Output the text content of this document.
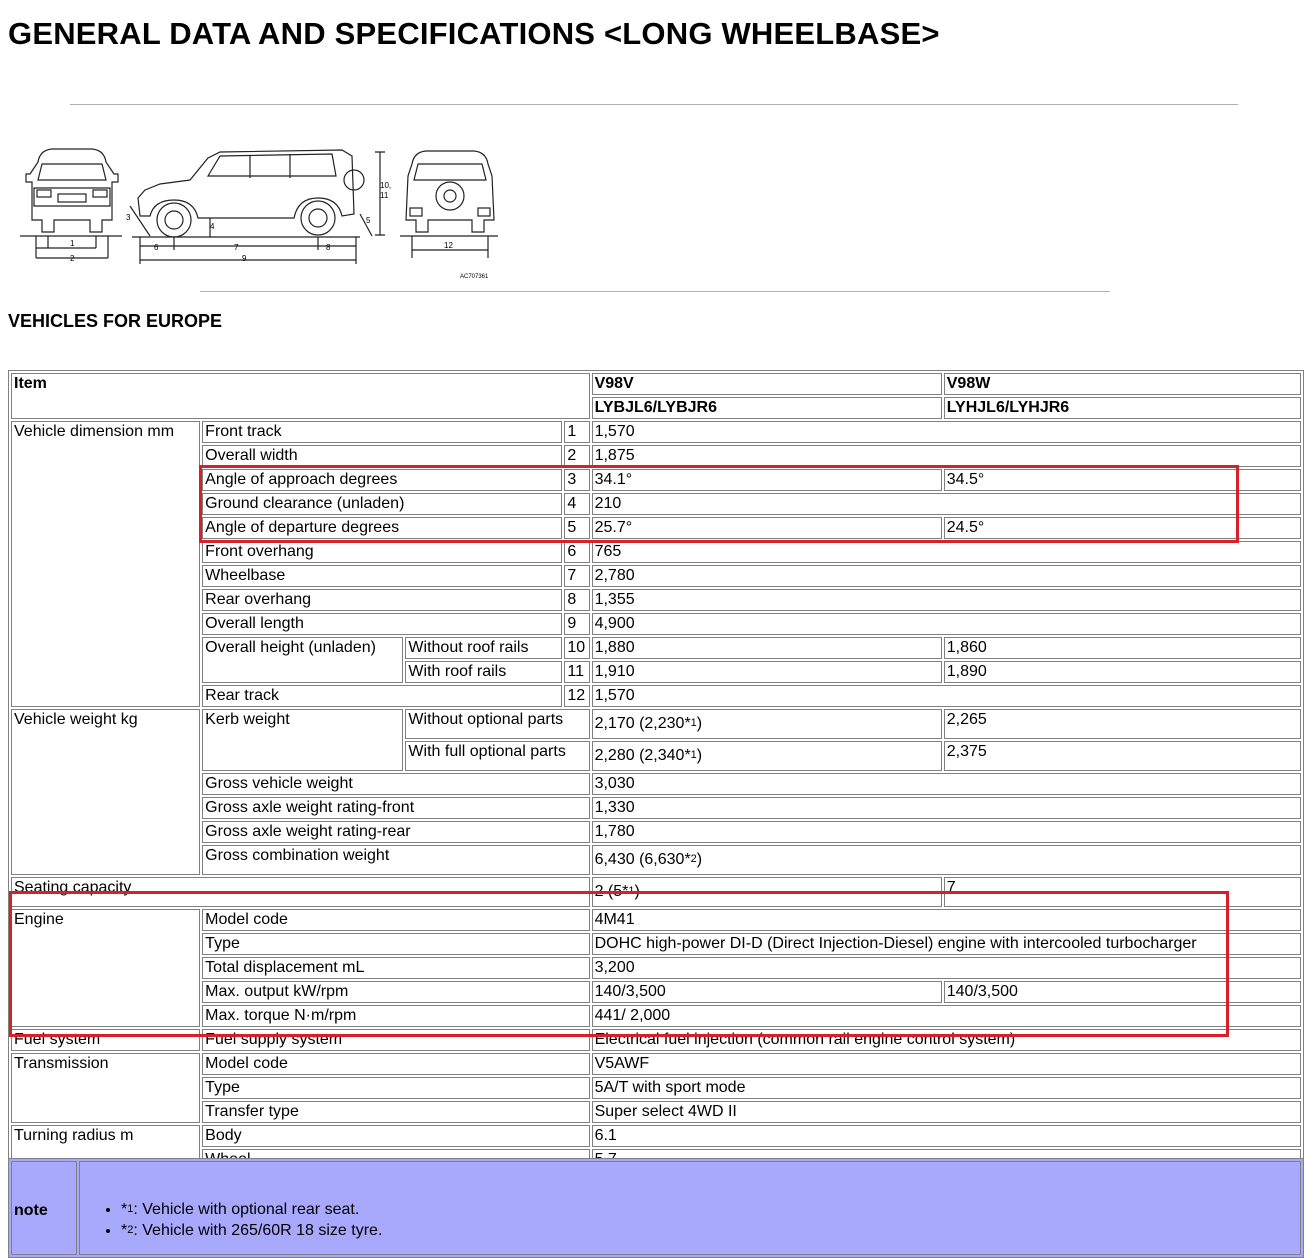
GENERAL DATA AND SPECIFICATIONS <LONG WHEELBASE>
1
2
3
4
5
6	7	8
9
10,
11
12
AC707361
VEHICLES FOR EUROPE
Item				V98V	V98W
				LYBJL6/LYBJR6	LYHJL6/LYHJR6
Vehicle dimension mm	Front track		1	1,570	
	Overall width		2	1,875	
	Angle of approach degrees		3	34.1°	34.5°
	Ground clearance (unladen)		4	210	
	Angle of departure degrees		5	25.7°	24.5°
	Front overhang		6	765	
	Wheelbase		7	2,780	
	Rear overhang		8	1,355	
	Overall length		9	4,900	
	Overall height (unladen)	Without roof rails	10	1,880	1,860
		With roof rails	11	1,910	1,890
	Rear track		12	1,570	
Vehicle weight kg	Kerb weight	Without optional parts		2,170 (2,230*$^1$)	2,265
		With full optional parts		2,280 (2,340*$^1$)	2,375
	Gross vehicle weight			3,030	
	Gross axle weight rating-front			1,330	
	Gross axle weight rating-rear			1,780	
	Gross combination weight			6,430 (6,630*$^2$)	
Seating capacity				2 (5*$^1$)	7
Engine	Model code			4M41	
	Type			DOHC high-power DI-D (Direct Injection-Diesel) engine with intercooled turbocharger	
	Total displacement mL			3,200	
	Max. output kW/rpm			140/3,500	140/3,500
	Max. torque N·m/rpm			441/ 2,000	
Fuel system	Fuel supply system			Electrical fuel injection (common rail engine control system)	
Transmission	Model code			V5AWF	
	Type			5A/T with sport mode	
	Transfer type			Super select 4WD II	
Turning radius m	Body			6.1	

note	
•*$^1$: Vehicle with optional rear seat.
• *$^2$: Vehicle with 265/60R 18 size tyre.
